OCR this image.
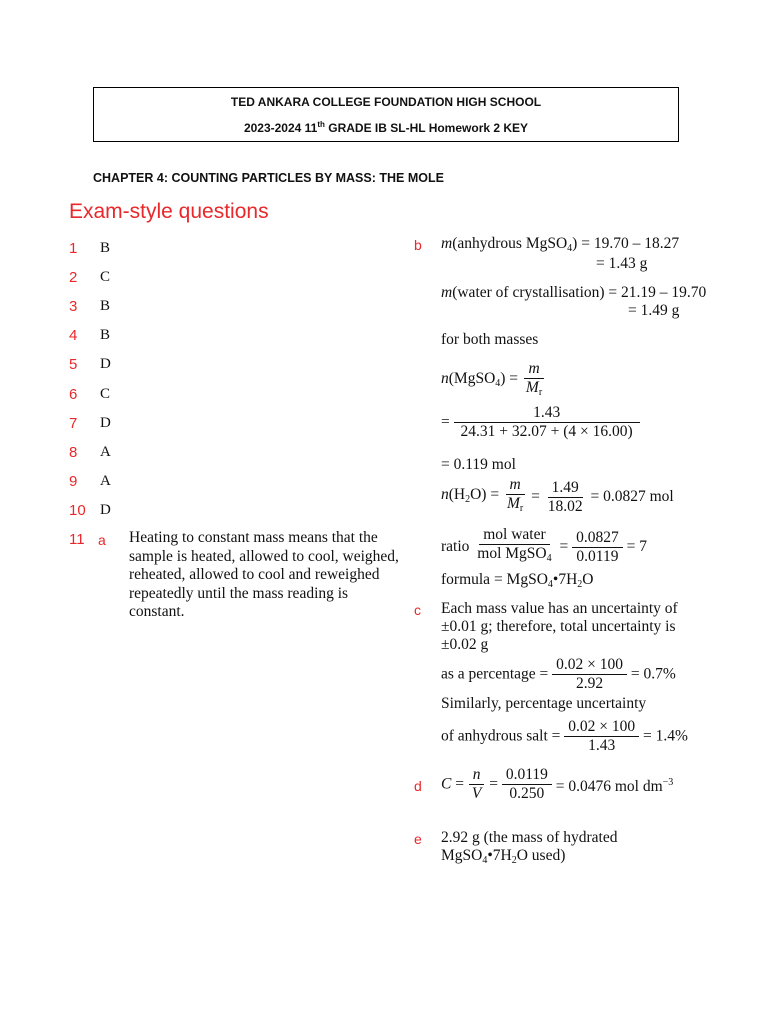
TED ANKARA COLLEGE FOUNDATION HIGH SCHOOL
2023-2024 11th GRADE IB SL-HL Homework 2 KEY
CHAPTER 4: COUNTING PARTICLES BY MASS: THE MOLE
Exam-style questions
1 B
2 C
3 B
4 B
5 D
6 C
7 D
8 A
9 A
10 D
11 a Heating to constant mass means that the sample is heated, allowed to cool, weighed, reheated, allowed to cool and reweighed repeatedly until the mass reading is constant.
b m(anhydrous MgSO$_4$) = 19.70 – 18.27
= 1.43 g
m(water of crystallisation) = 21.19 – 19.70
= 1.49 g
for both masses
n(MgSO$_4$) = $\frac{m}{M_r}$
= $\frac{1.43}{24.31 + 32.07 + (4 \times 16.00)}$
= 0.119 mol
$n(H_2O) = \frac{m}{M_r} = \frac{1.49}{18.02} = 0.0827$ mol
ratio $\frac{\text{mol water}}{mol MgSO_4} = \frac{0.0827}{0.0119} = 7$
formula = $MgSO_4•7H_2O$
c Each mass value has an uncertainty of
±0.01 g; therefore, total uncertainty is
±0.02 g
as a percentage = $\frac{0.02 \times 100}{2.92} = 0.7\%$
Similarly, percentage uncertainty
of anhydrous salt = $\frac{0.02 \times 100}{1.43} = 1.4\%$
d $C = \frac{n}{V} = \frac{0.0119}{0.250} = 0.0476$ mol $dm^{-3}$
e 2.92 g (the mass of hydrated
$MgSO_4•7H_2O$ used)
